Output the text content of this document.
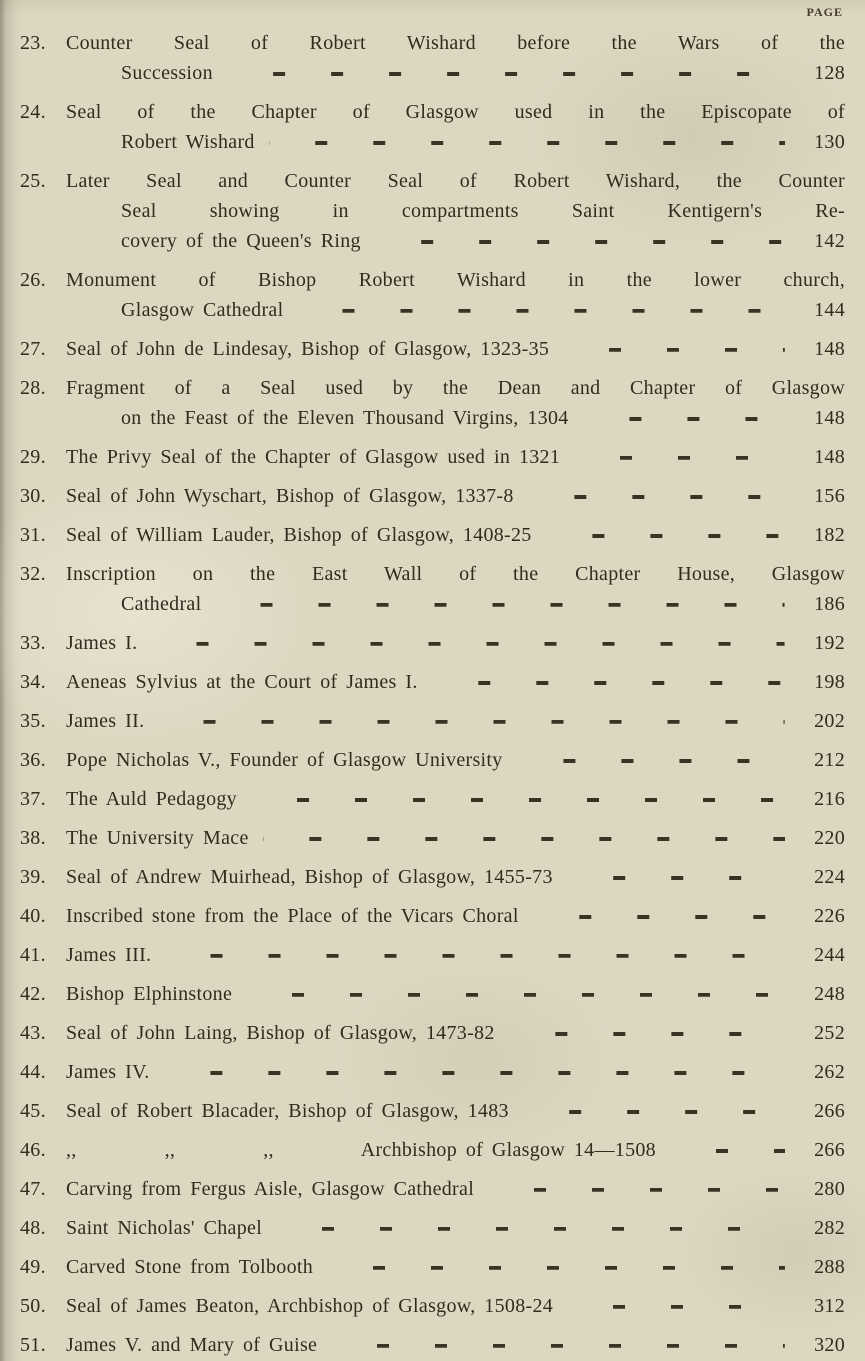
PAGE
23.	Counter Seal of Robert Wishard before the Wars of the
Succession	128
24.	Seal of the Chapter of Glasgow used in the Episcopate of
Robert Wishard	130
25.	Later Seal and Counter Seal of Robert Wishard, the Counter
Seal showing in compartments Saint Kentigern's Re-
covery of the Queen's Ring	142
26.	Monument of Bishop Robert Wishard in the lower church,
Glasgow Cathedral	144
27.	Seal of John de Lindesay, Bishop of Glasgow, 1323-35	148
28.	Fragment of a Seal used by the Dean and Chapter of Glasgow
on the Feast of the Eleven Thousand Virgins, 1304	148
29.	The Privy Seal of the Chapter of Glasgow used in 1321	148
30.	Seal of John Wyschart, Bishop of Glasgow, 1337-8	156
31.	Seal of William Lauder, Bishop of Glasgow, 1408-25	182
32.	Inscription on the East Wall of the Chapter House, Glasgow
Cathedral	186
33.	James I.	192
34.	Aeneas Sylvius at the Court of James I.	198
35.	James II.	202
36.	Pope Nicholas V., Founder of Glasgow University	212
37.	The Auld Pedagogy	216
38.	The University Mace	220
39.	Seal of Andrew Muirhead, Bishop of Glasgow, 1455-73	224
40.	Inscribed stone from the Place of the Vicars Choral	226
41.	James III.	244
42.	Bishop Elphinstone	248
43.	Seal of John Laing, Bishop of Glasgow, 1473-82	252
44.	James IV.	262
45.	Seal of Robert Blacader, Bishop of Glasgow, 1483	266
46.	,,          ,,          ,,          Archbishop of Glasgow 14—1508	266
47.	Carving from Fergus Aisle, Glasgow Cathedral	280
48.	Saint Nicholas' Chapel	282
49.	Carved Stone from Tolbooth	288
50.	Seal of James Beaton, Archbishop of Glasgow, 1508-24	312
51.	James V. and Mary of Guise	320
